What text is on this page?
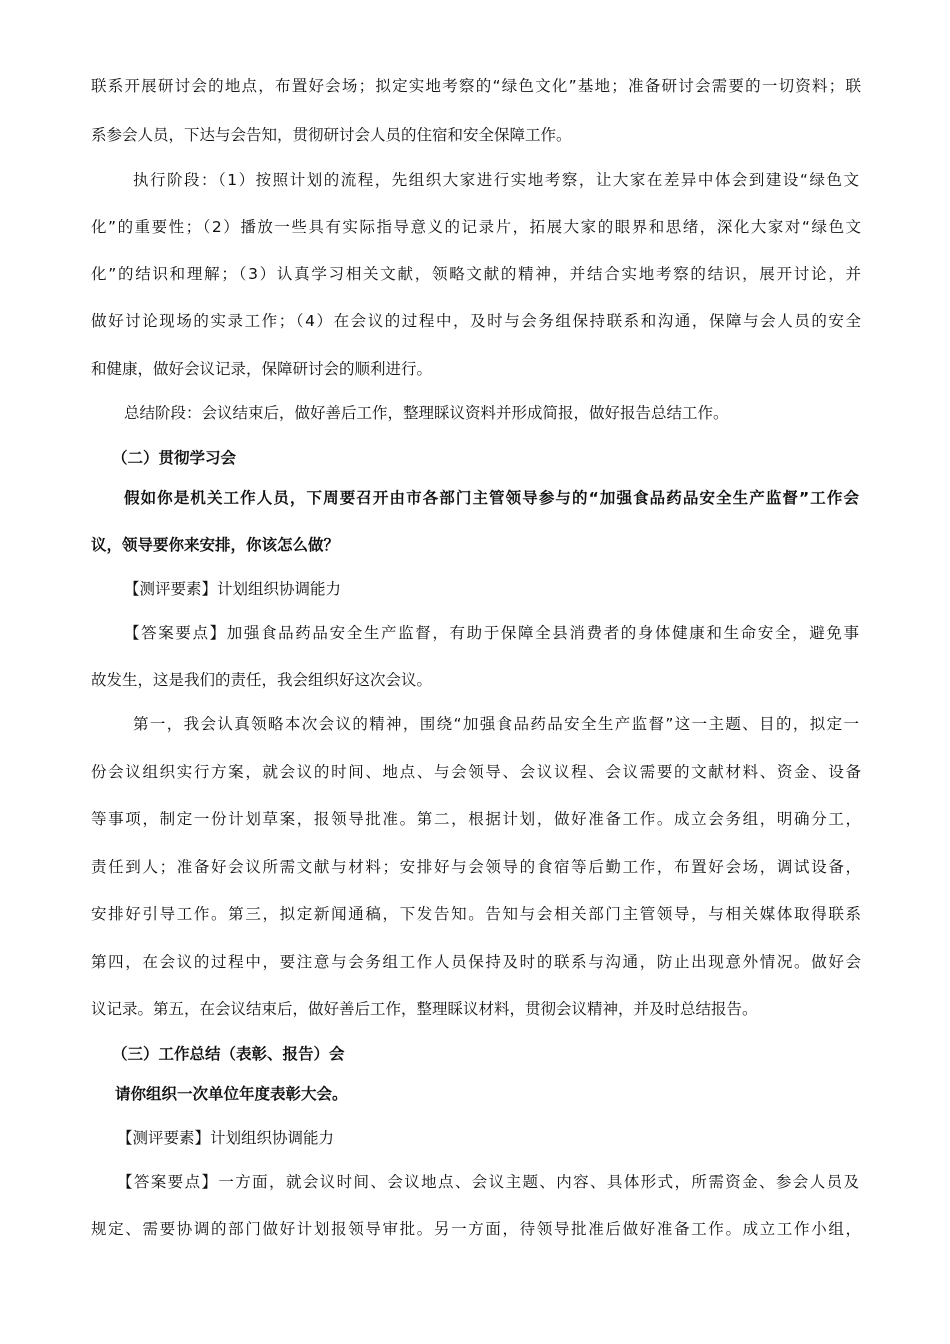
联系开展研讨会的地点，布置好会场；拟定实地考察的“绿色文化”基地；准备研讨会需要的一切资料；联
系参会人员，下达与会告知，贯彻研讨会人员的住宿和安全保障工作。
执行阶段：（1）按照计划的流程，先组织大家进行实地考察，让大家在差异中体会到建设“绿色文
化”的重要性；（2）播放一些具有实际指导意义的记录片，拓展大家的眼界和思绪，深化大家对“绿色文
化”的结识和理解；（3）认真学习相关文献，领略文献的精神，并结合实地考察的结识，展开讨论，并
做好讨论现场的实录工作；（4）在会议的过程中，及时与会务组保持联系和沟通，保障与会人员的安全
和健康，做好会议记录，保障研讨会的顺利进行。
总结阶段：会议结束后，做好善后工作，整理睬议资料并形成简报，做好报告总结工作。
（二）贯彻学习会
假如你是机关工作人员，下周要召开由市各部门主管领导参与的“加强食品药品安全生产监督”工作会
议，领导要你来安排，你该怎么做？
【测评要素】计划组织协调能力
【答案要点】加强食品药品安全生产监督，有助于保障全县消费者的身体健康和生命安全，避免事
故发生，这是我们的责任，我会组织好这次会议。
第一，我会认真领略本次会议的精神，围绕“加强食品药品安全生产监督”这一主题、目的，拟定一
份会议组织实行方案，就会议的时间、地点、与会领导、会议议程、会议需要的文献材料、资金、设备
等事项，制定一份计划草案，报领导批准。第二，根据计划，做好准备工作。成立会务组，明确分工，
责任到人；准备好会议所需文献与材料；安排好与会领导的食宿等后勤工作，布置好会场，调试设备，
安排好引导工作。第三，拟定新闻通稿，下发告知。告知与会相关部门主管领导，与相关媒体取得联系
第四，在会议的过程中，要注意与会务组工作人员保持及时的联系与沟通，防止出现意外情况。做好会
议记录。第五，在会议结束后，做好善后工作，整理睬议材料，贯彻会议精神，并及时总结报告。
（三）工作总结（表彰、报告）会
请你组织一次单位年度表彰大会。
【测评要素】计划组织协调能力
【答案要点】一方面，就会议时间、会议地点、会议主题、内容、具体形式，所需资金、参会人员及
规定、需要协调的部门做好计划报领导审批。另一方面，待领导批准后做好准备工作。成立工作小组，
